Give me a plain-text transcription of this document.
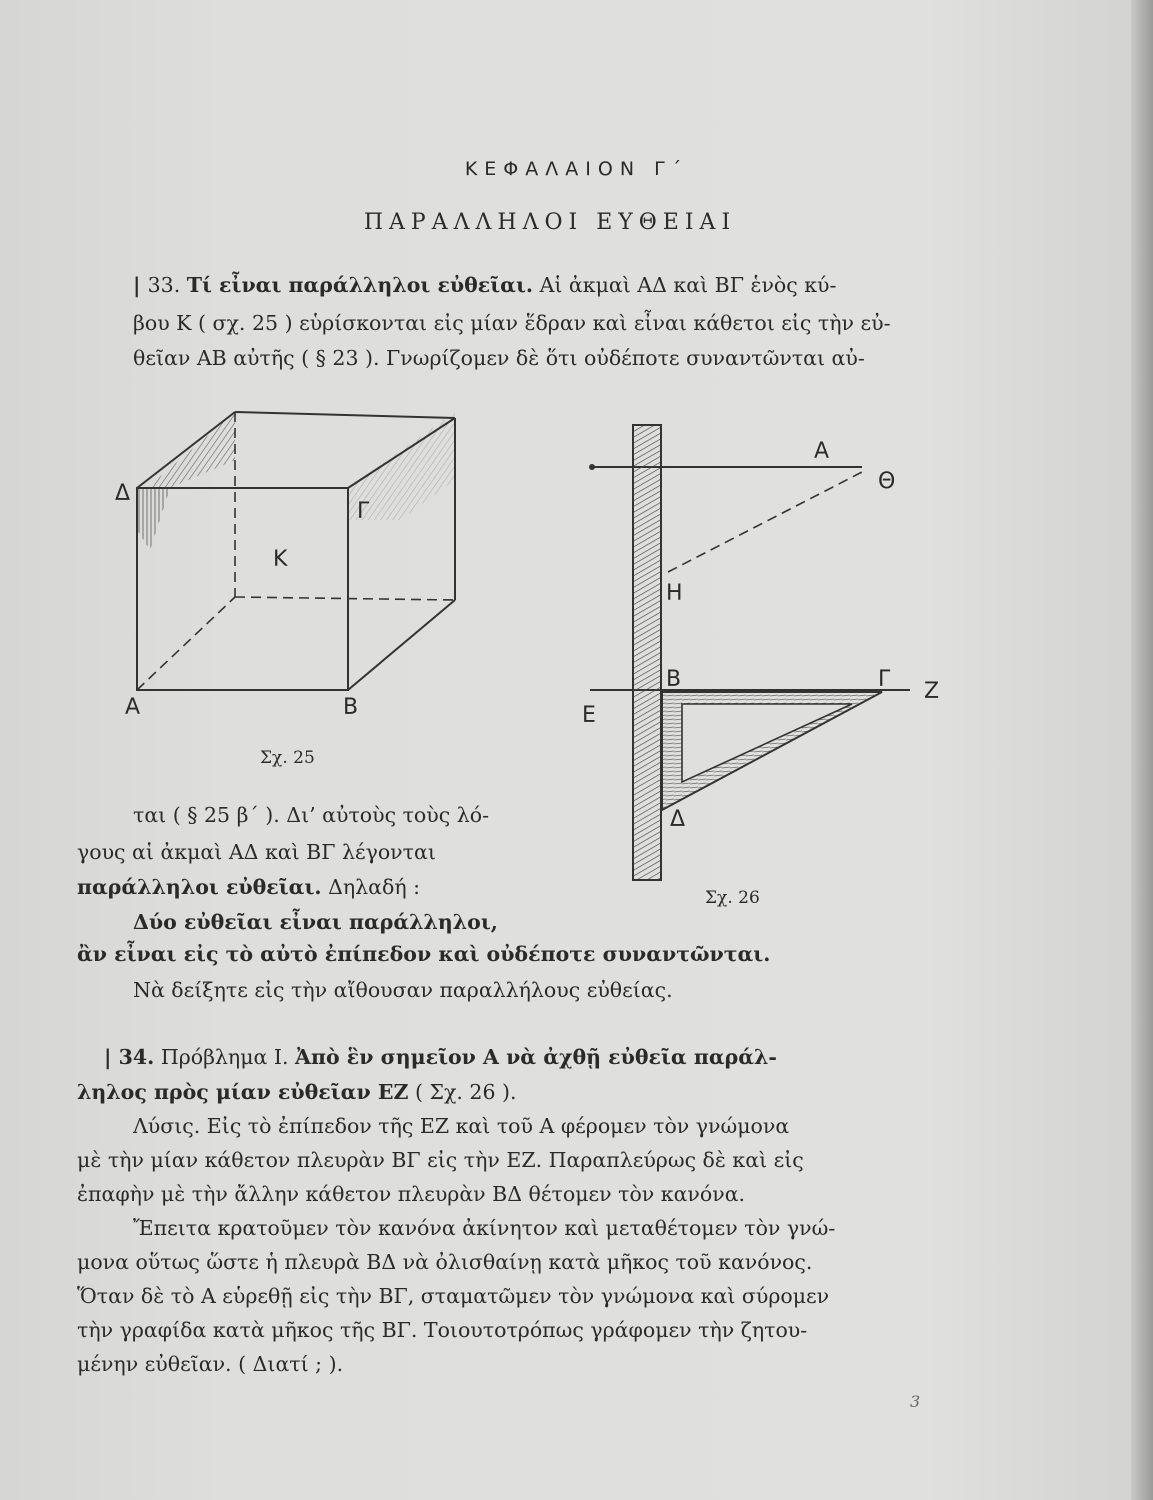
ΚΕΦΑΛΑΙΟΝ Γ΄
ΠΑΡΑΛΛΗΛΟΙ ΕΥΘΕΙΑΙ
| 33. Τί εἶναι παράλληλοι εὐθεῖαι. Αἱ ἀκμαὶ ΑΔ καὶ ΒΓ ἑνὸς κύ-
βου Κ ( σχ. 25 ) εὑρίσκονται εἰς μίαν ἕδραν καὶ εἶναι κάθετοι εἰς τὴν εὐ-
θεῖαν ΑΒ αὐτῆς ( § 23 ). Γνωρίζομεν δὲ ὅτι οὐδέποτε συναντῶνται αὐ-
Δ
Γ
Κ
Α	Β
Σχ. 25
Α
Θ
Η
Β	Γ Ζ
Ε
Δ
Σχ. 26
ται ( § 25 β΄ ). Δι’ αὐτοὺς τοὺς λό-
γους αἱ ἀκμαὶ ΑΔ καὶ ΒΓ λέγονται
παράλληλοι εὐθεῖαι. Δηλαδή :
Δύο εὐθεῖαι εἶναι παράλληλοι,
ἂν εἶναι εἰς τὸ αὐτὸ ἐπίπεδον καὶ οὐδέποτε συναντῶνται.
Νὰ δείξητε εἰς τὴν αἴθουσαν παραλλήλους εὐθείας.
| 34. Πρόβλημα Ι. Ἀπὸ ἓν σημεῖον Α νὰ ἀχθῇ εὐθεῖα παράλ-
ληλος πρὸς μίαν εὐθεῖαν ΕΖ ( Σχ. 26 ).
Λύσις. Εἰς τὸ ἐπίπεδον τῆς ΕΖ καὶ τοῦ Α φέρομεν τὸν γνώμονα
μὲ τὴν μίαν κάθετον πλευρὰν ΒΓ εἰς τὴν ΕΖ. Παραπλεύρως δὲ καὶ εἰς
ἐπαφὴν μὲ τὴν ἄλλην κάθετον πλευρὰν ΒΔ θέτομεν τὸν κανόνα.
Ἔπειτα κρατοῦμεν τὸν κανόνα ἀκίνητον καὶ μεταθέτομεν τὸν γνώ-
μονα οὕτως ὥστε ἡ πλευρὰ ΒΔ νὰ ὀλισθαίνῃ κατὰ μῆκος τοῦ κανόνος.
Ὅταν δὲ τὸ Α εὑρεθῇ εἰς τὴν ΒΓ, σταματῶμεν τὸν γνώμονα καὶ σύρομεν
τὴν γραφίδα κατὰ μῆκος τῆς ΒΓ. Τοιουτοτρόπως γράφομεν τὴν ζητου-
μένην εὐθεῖαν. ( Διατί ; ).
3
